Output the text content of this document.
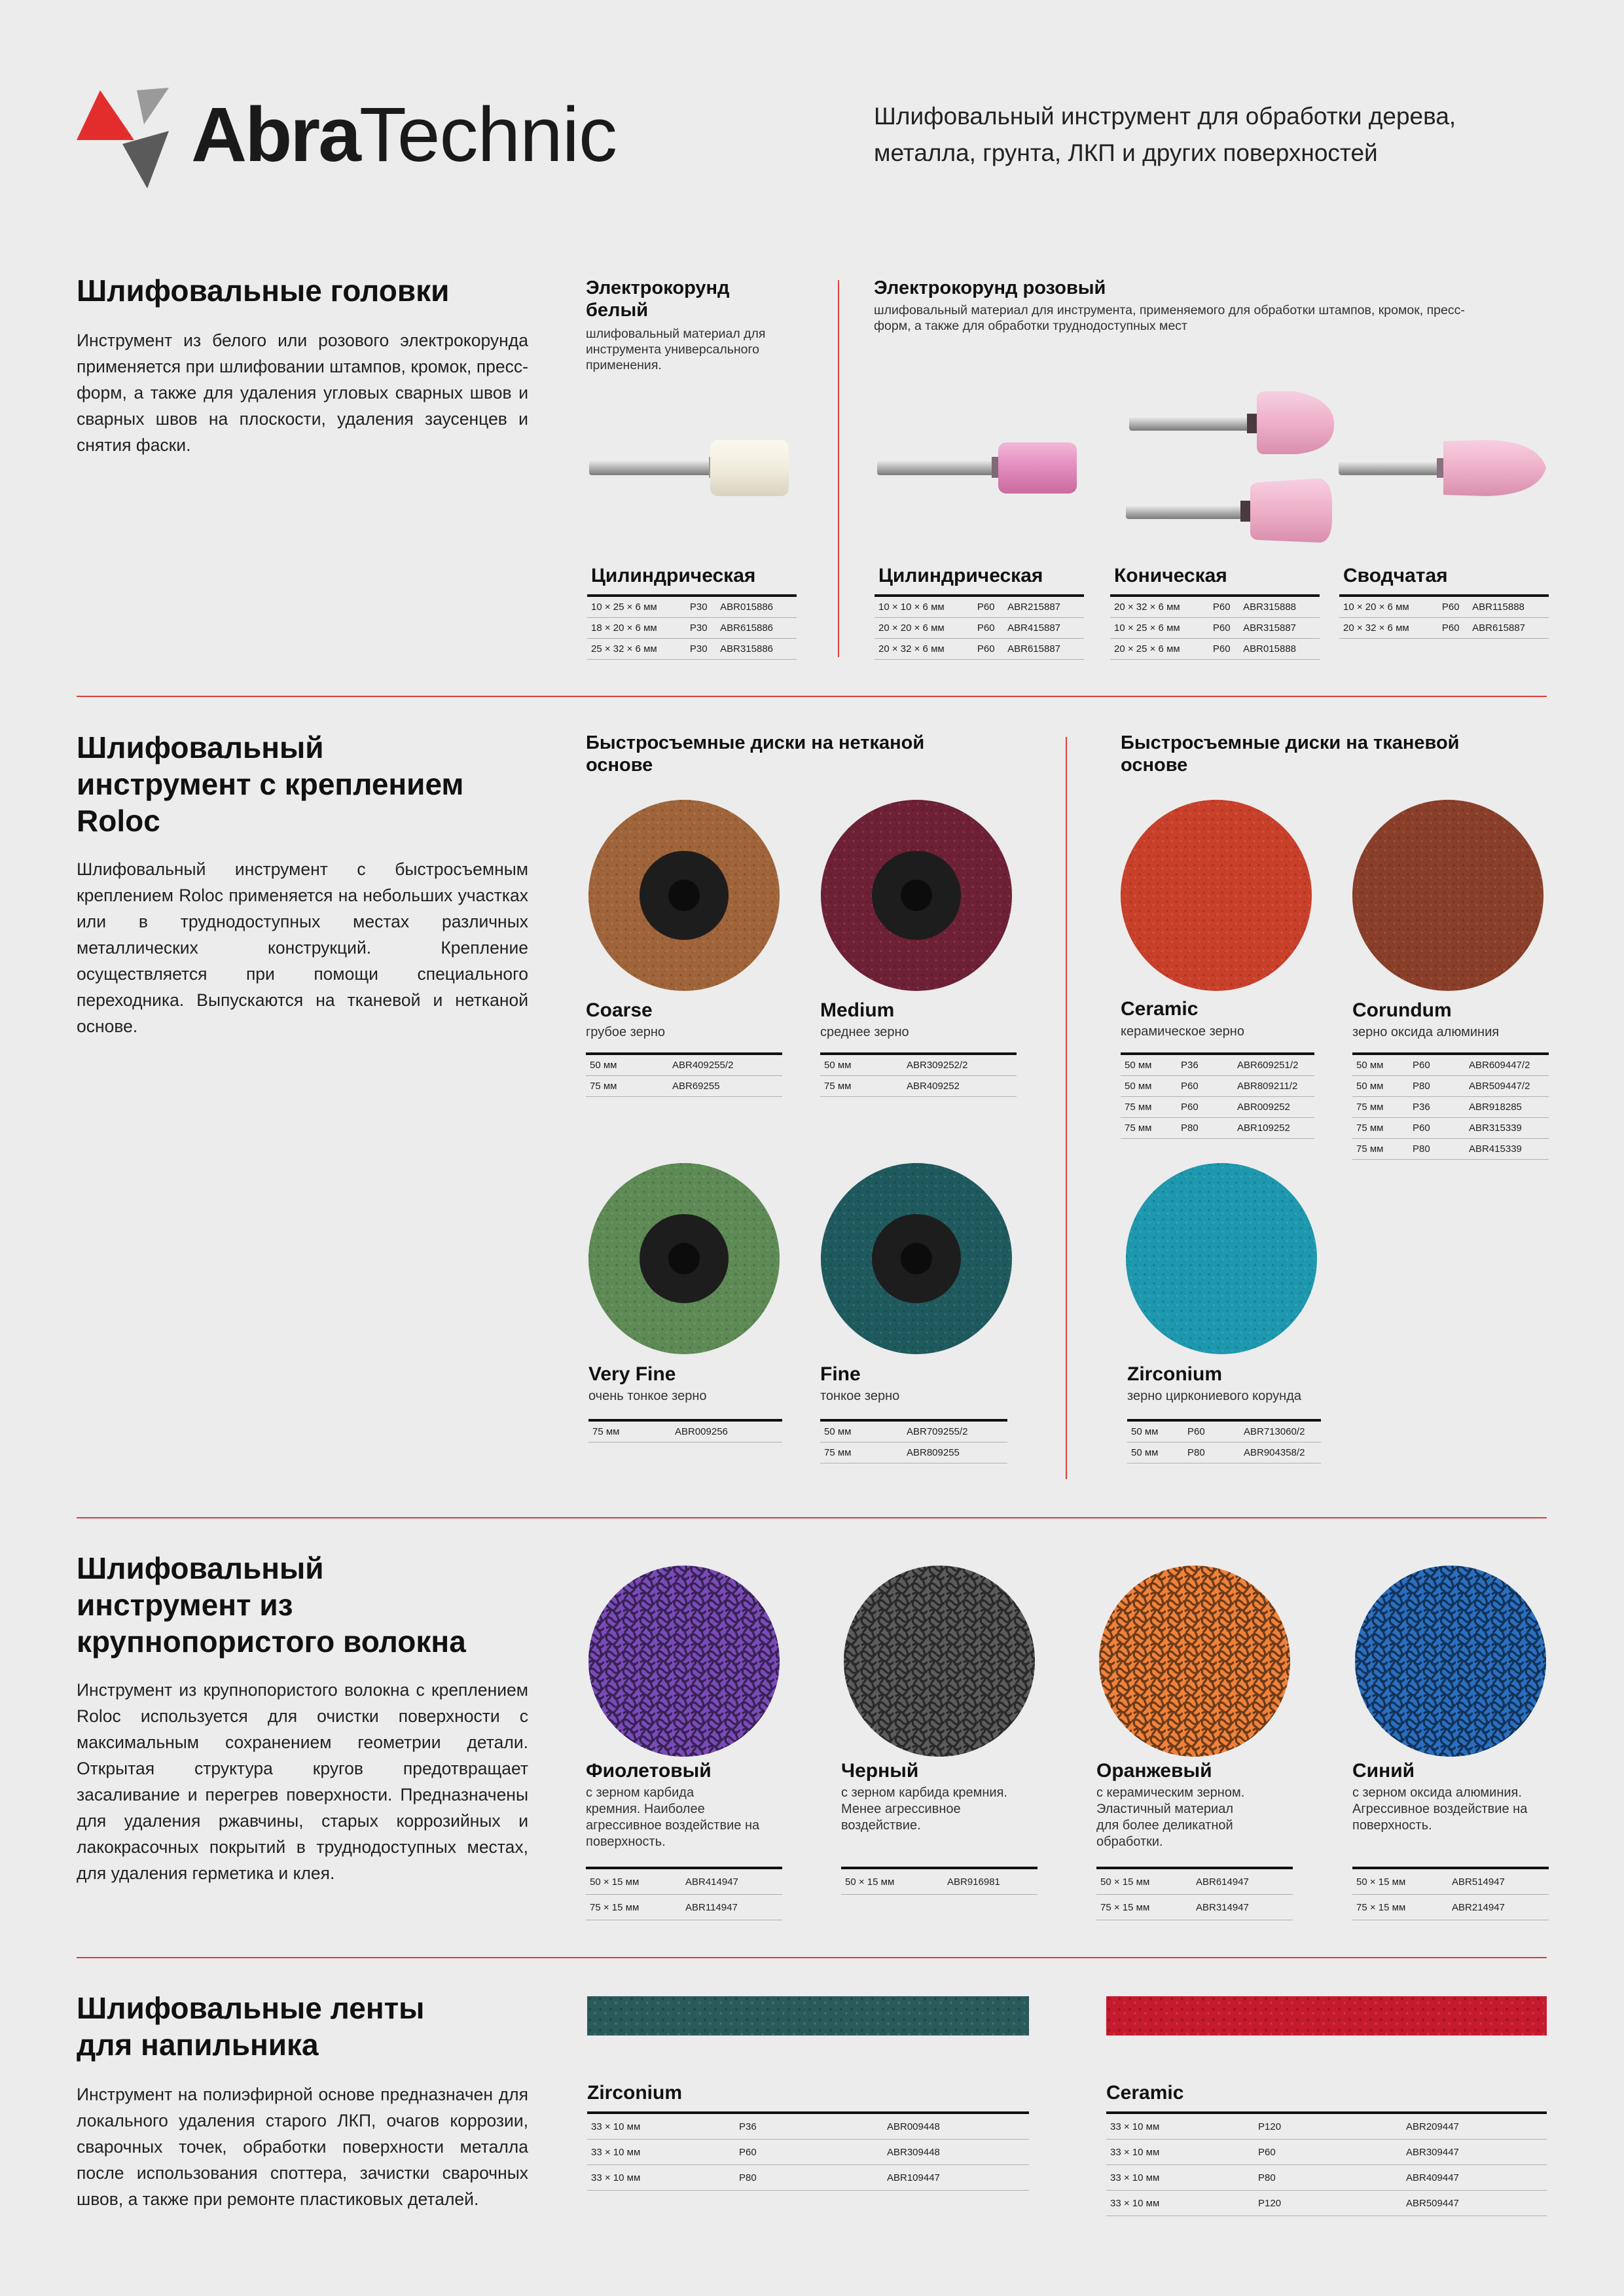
AbraTechnic	Шлифовальный инструмент для обработки дерева,
металла, грунта, ЛКП и других поверхностей
Шлифовальные головки
Инструмент из белого или розового электрокорунда применяется при шлифовании штампов, кромок, пресс-форм, а также для удаления угловых сварных швов и сварных швов на плоскости, удаления заусенцев и снятия фаски.
Электрокорунд
белый
шлифовальный материал для
инструмента универсального
применения.
Электрокорунд розовый
шлифовальный материал для инструмента, применяемого для обработки штампов, кромок, пресс-
форм, а также для обработки труднодоступных мест
Цилиндрическая
10 × 25 × 6 мм	P30	ABR015886
18 × 20 × 6 мм	P30	ABR615886
25 × 32 × 6 мм	P30	ABR315886
Цилиндрическая
10 × 10 × 6 мм	P60	ABR215887
20 × 20 × 6 мм	P60	ABR415887
20 × 32 × 6 мм	P60	ABR615887
Коническая
20 × 32 × 6 мм	P60	ABR315888
10 × 25 × 6 мм	P60	ABR315887
20 × 25 × 6 мм	P60	ABR015888
Сводчатая
10 × 20 × 6 мм	P60	ABR115888
20 × 32 × 6 мм	P60	ABR615887
Шлифовальный
инструмент с креплением
Roloc
Шлифовальный инструмент с быстросъемным креплением Roloc применяется на небольших участках или в труднодоступных местах различных металлических конструкций. Крепление осуществляется при помощи специального переходника. Выпускаются на тканевой и нетканой основе.
Быстросъемные диски на нетканой
основе
Быстросъемные диски на тканевой
основе
Coarse
грубое зерно
50 мм	ABR409255/2
75 мм	ABR69255
Medium
среднее зерно
50 мм	ABR309252/2
75 мм	ABR409252
Ceramic
керамическое зерно
50 мм	P36	ABR609251/2
50 мм	P60	ABR809211/2
75 мм	P60	ABR009252
75 мм	P80	ABR109252
Corundum
зерно оксида алюминия
50 мм	P60	ABR609447/2
50 мм	P80	ABR509447/2
75 мм	P36	ABR918285
75 мм	P60	ABR315339
75 мм	P80	ABR415339
Very Fine
очень тонкое зерно
75 мм	ABR009256
Fine
тонкое зерно
50 мм	ABR709255/2
75 мм	ABR809255
Zirconium
зерно циркониевого корунда
50 мм	P60	ABR713060/2
50 мм	P80	ABR904358/2
Шлифовальный
инструмент из
крупнопористого волокна
Инструмент из крупнопористого волокна с креплением Roloc используется для очистки поверхности с максимальным сохранением геометрии детали. Открытая структура кругов предотвращает засаливание и перегрев поверхности. Предназначены для удаления ржавчины, старых коррозийных и лакокрасочных покрытий в труднодоступных местах, для удаления герметика и клея.
Фиолетовый
с зерном карбида
кремния. Наиболее
агрессивное воздействие на
поверхность.
50 × 15 мм	ABR414947
75 × 15 мм	ABR114947
Черный
с зерном карбида кремния.
Менее агрессивное
воздействие.
50 × 15 мм	ABR916981
Оранжевый
с керамическим зерном.
Эластичный материал
для более деликатной
обработки.
50 × 15 мм	ABR614947
75 × 15 мм	ABR314947
Синий
с зерном оксида алюминия.
Агрессивное воздействие на
поверхность.
50 × 15 мм	ABR514947
75 × 15 мм	ABR214947
Шлифовальные ленты
для напильника
Инструмент на полиэфирной основе предназначен для локального удаления старого ЛКП, очагов коррозии, сварочных точек, обработки поверхности металла после использования споттера, зачистки сварочных швов, а также при ремонте пластиковых деталей.
Zirconium
33 × 10 мм	P36	ABR009448
33 × 10 мм	P60	ABR309448
33 × 10 мм	P80	ABR109447
Ceramic
33 × 10 мм	P120	ABR209447
33 × 10 мм	P60	ABR309447
33 × 10 мм	P80	ABR409447
33 × 10 мм	P120	ABR509447
